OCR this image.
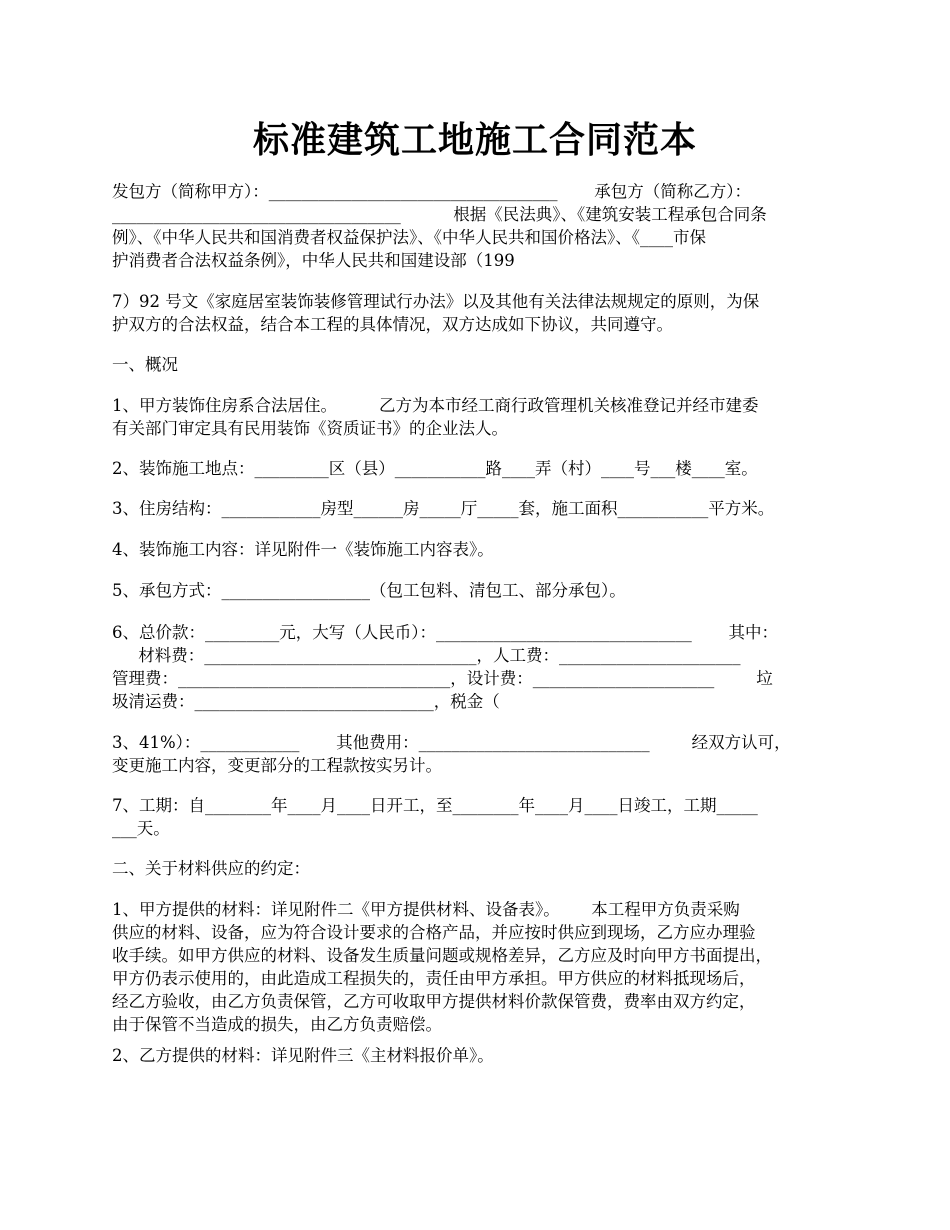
标准建筑工地施工合同范本

发包方（简称甲方）：___________________________________       承包方（简称乙方）：

___________________________________          根据《民法典》、《建筑安装工程承包合同条

例》、《中华人民共和国消费者权益保护法》、《中华人民共和国价格法》、《____市保

护消费者合法权益条例》，中华人民共和国建设部（199

7）92 号文《家庭居室装饰装修管理试行办法》以及其他有关法律法规规定的原则，为保

护双方的合法权益，结合本工程的具体情况，双方达成如下协议，共同遵守。

一、概况

1、甲方装饰住房系合法居住。        乙方为本市经工商行政管理机关核准登记并经市建委

有关部门审定具有民用装饰《资质证书》的企业法人。

2、装饰施工地点：_________区（县）___________路____弄（村）____号___楼____室。

3、住房结构：____________房型______房_____厅_____套，施工面积___________平方米。

4、装饰施工内容：详见附件一《装饰施工内容表》。

5、承包方式：__________________（包工包料、清包工、部分承包）。

6、总价款：_________元，大写（人民币）：_______________________________       其中：

材料费：_________________________________，人工费：______________________

管理费：_________________________________，设计费：______________________        垃

圾清运费：_____________________________，税金（

3、41%）：____________       其他费用：____________________________        经双方认可，

变更施工内容，变更部分的工程款按实另计。

7、工期：自________年____月____日开工，至________年____月____日竣工，工期_____

___天。

二、关于材料供应的约定：

1、甲方提供的材料：详见附件二《甲方提供材料、设备表》。      本工程甲方负责采购

供应的材料、设备，应为符合设计要求的合格产品，并应按时供应到现场，乙方应办理验

收手续。如甲方供应的材料、设备发生质量问题或规格差异，乙方应及时向甲方书面提出，

甲方仍表示使用的，由此造成工程损失的，责任由甲方承担。甲方供应的材料抵现场后，

经乙方验收，由乙方负责保管，乙方可收取甲方提供材料价款保管费，费率由双方约定，

由于保管不当造成的损失，由乙方负责赔偿。

2、乙方提供的材料：详见附件三《主材料报价单》。
